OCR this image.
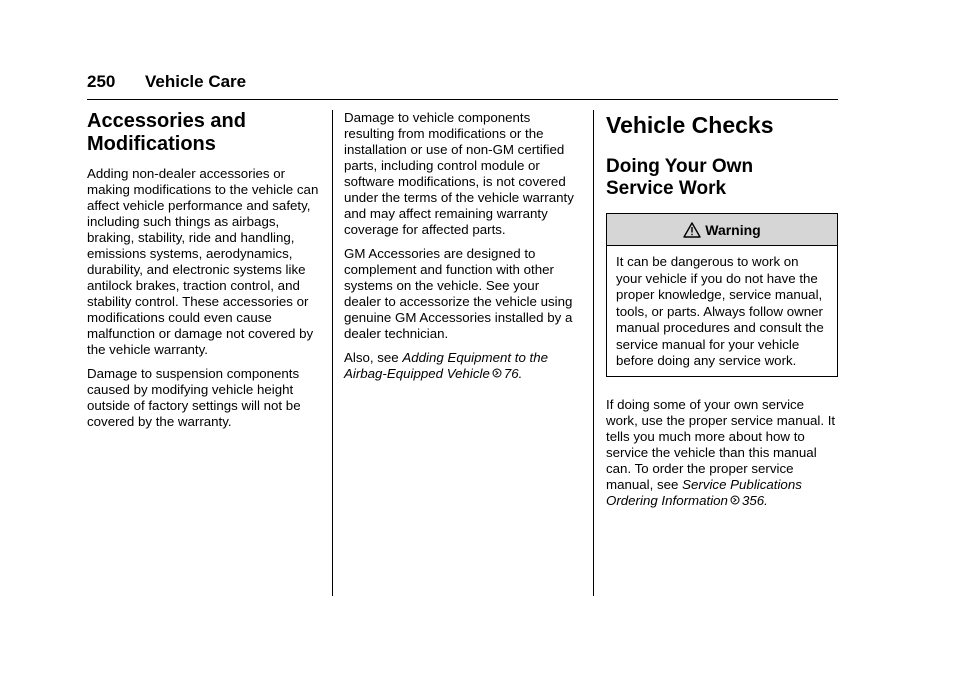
250 Vehicle Care
Accessories and
Modifications

Adding non-dealer accessories or making modifications to the vehicle can affect vehicle performance and safety, including such things as airbags, braking, stability, ride and handling, emissions systems, aerodynamics, durability, and electronic systems like antilock brakes, traction control, and stability control. These accessories or modifications could even cause malfunction or damage not covered by the vehicle warranty.

Damage to suspension components caused by modifying vehicle height outside of factory settings will not be covered by the warranty.

Damage to vehicle components resulting from modifications or the installation or use of non-GM certified parts, including control module or software modifications, is not covered under the terms of the vehicle warranty and may affect remaining warranty coverage for affected parts.

GM Accessories are designed to complement and function with other systems on the vehicle. See your dealer to accessorize the vehicle using genuine GM Accessories installed by a dealer technician.

Also, see Adding Equipment to the Airbag-Equipped Vehicle 76.

Vehicle Checks
Doing Your Own
Service Work
Warning
It can be dangerous to work on your vehicle if you do not have the proper knowledge, service manual, tools, or parts. Always follow owner manual procedures and consult the service manual for your vehicle before doing any service work.

If doing some of your own service work, use the proper service manual. It tells you much more about how to service the vehicle than this manual can. To order the proper service manual, see Service Publications Ordering Information 356.
